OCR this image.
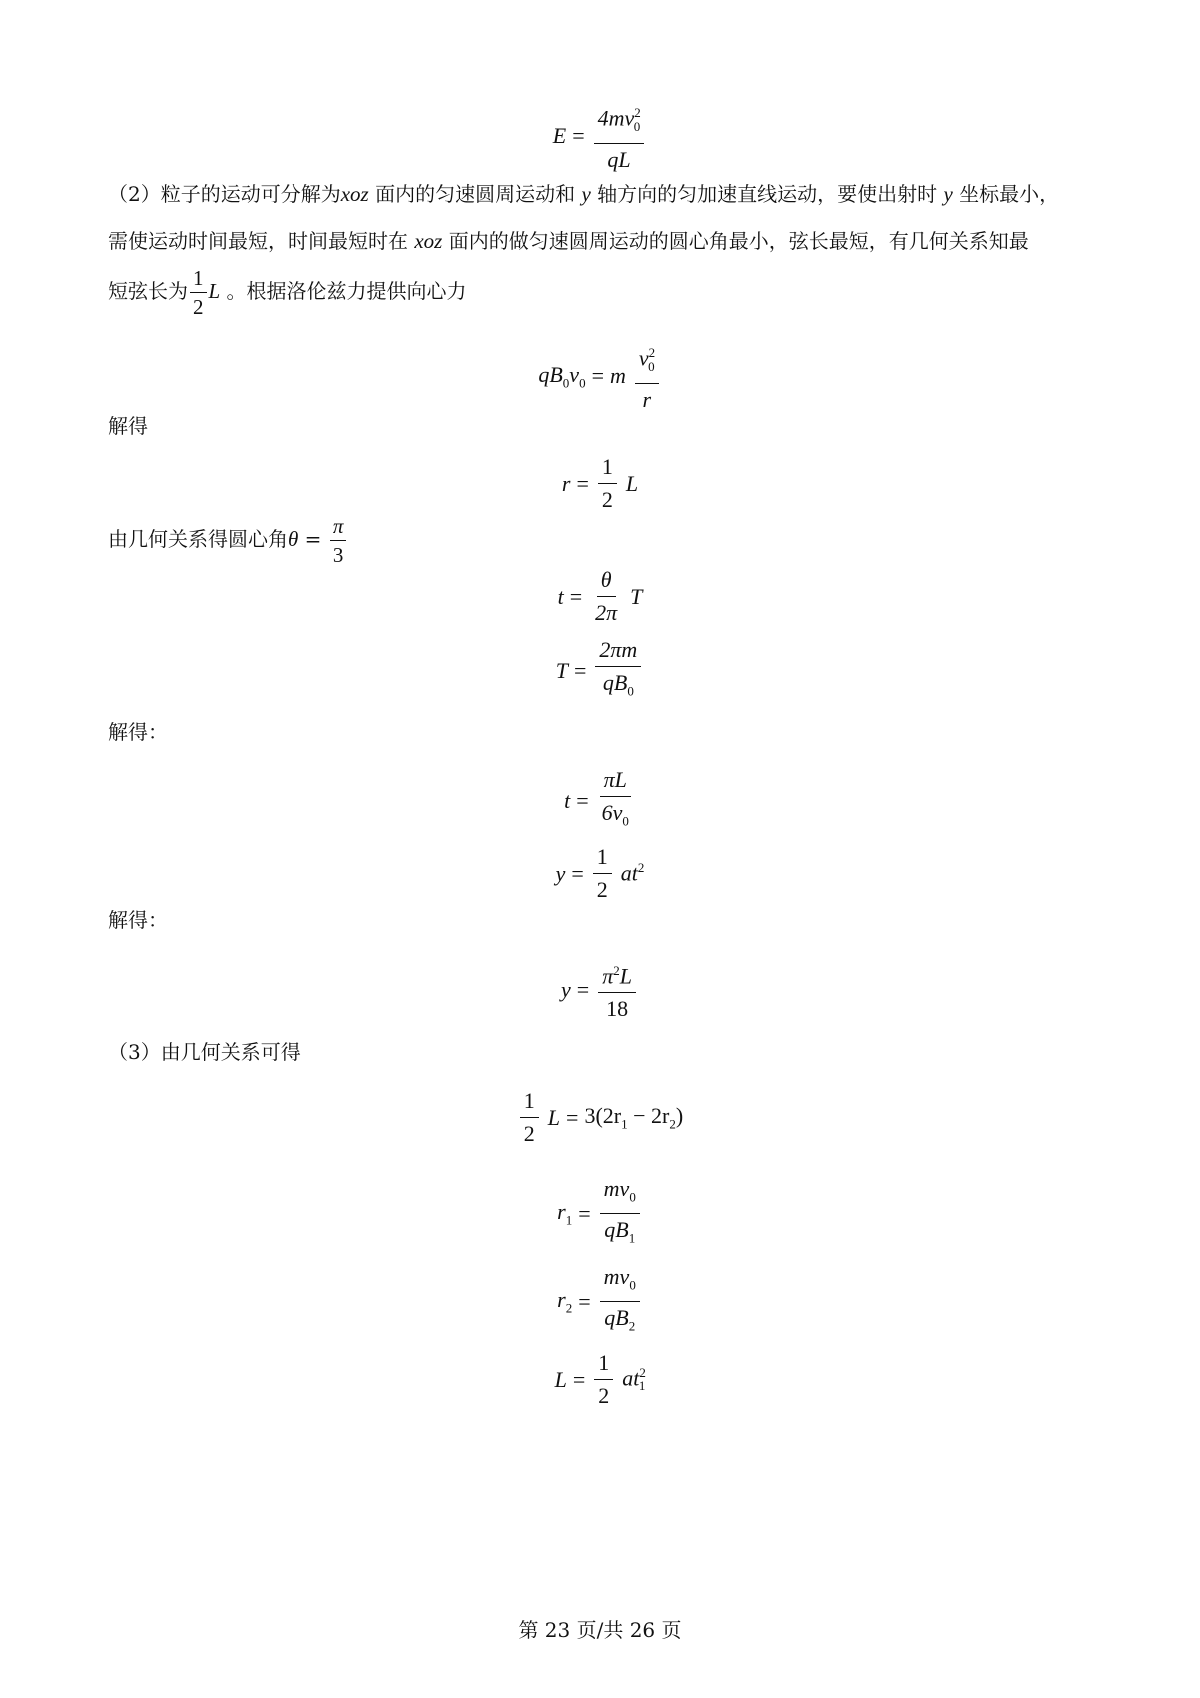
$E = \frac{4mv^2_0}{qL}$
（2）粒子的运动可分解为xoz 面内的匀速圆周运动和 y 轴方向的匀加速直线运动，要使出射时 y 坐标最小，
需使运动时间最短，时间最短时在 xoz 面内的做匀速圆周运动的圆心角最小，弦长最短，有几何关系知最
短弦长为 $\frac{1}{2}$ L 。根据洛伦兹力提供向心力
$qB_0v_0 = m \frac{v^2_0}{r}$
解得
$r = \frac{1}{2}$ L
由几何关系得圆心角$\theta = \frac{\pi}{3}$
$t = \frac{\theta}{2\pi}$ T
$T = \frac{2\pi m}{qB_0}$
解得：
$t = \frac{\pi L}{6v_0}$
$y = \frac{1}{2} at^2$
解得：
$y = \frac{\pi^2L}{18}$
（3）由几何关系可得
$\frac{1}{2}$ $L = 3(2r_1 - 2r_2)$
$r_1 = \frac{mv_0}{qB_1}$
$r_2 = \frac{mv_0}{qB_2}$
$L = \frac{1}{2} at^2_1$
第 23 页/共 26 页
